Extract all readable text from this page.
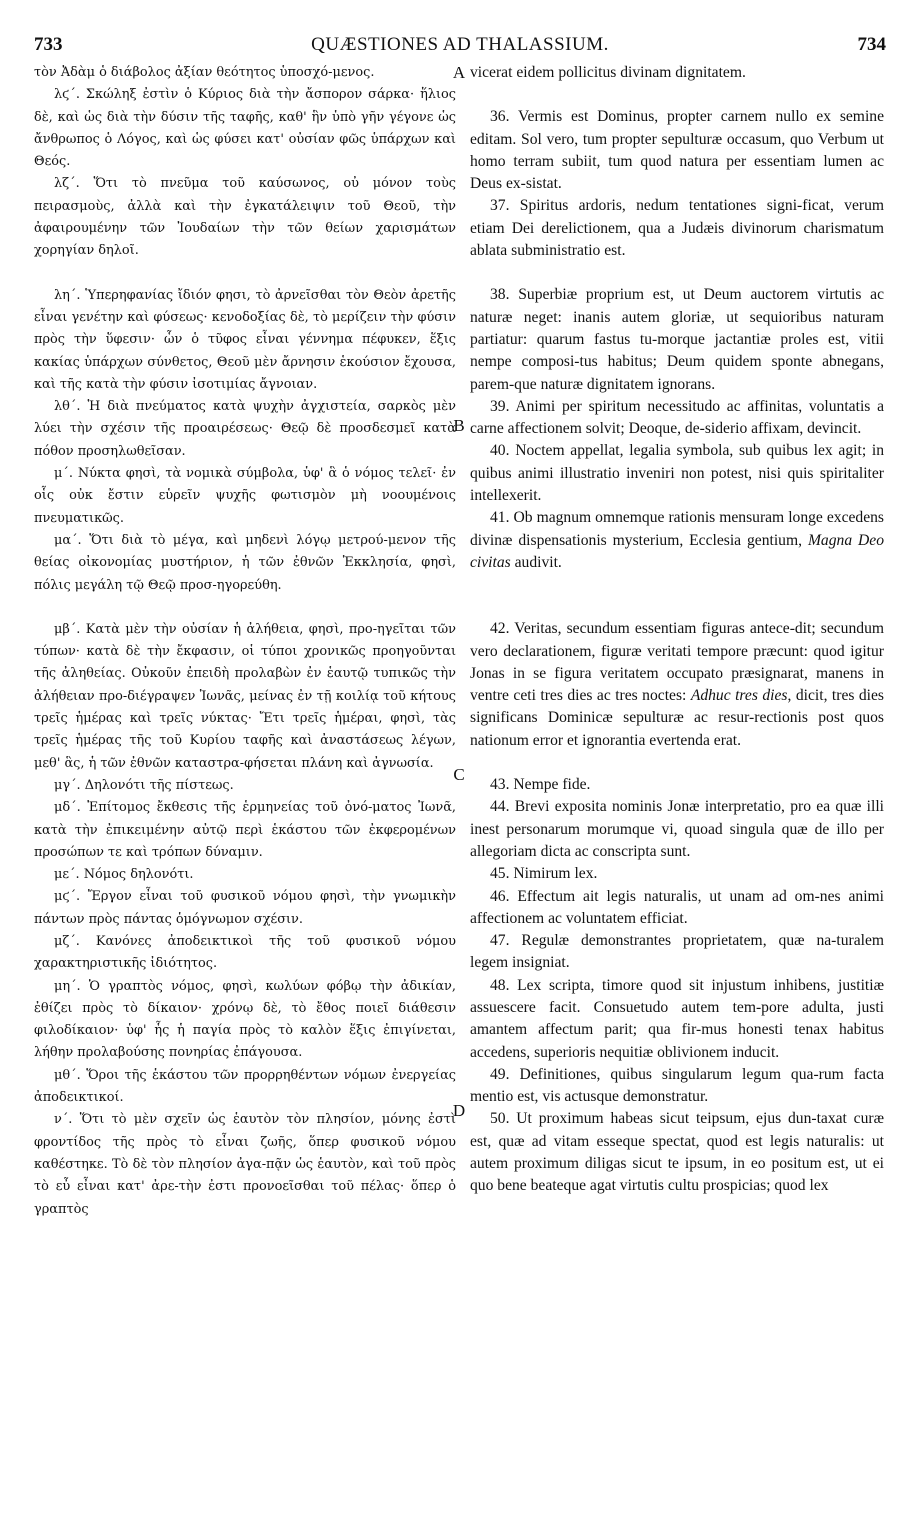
733	QUÆSTIONES AD THALASSIUM.	734

τὸν Ἀδὰμ ὁ διάβολος ἀξίαν θεότητος ὑποσχό-μενος.

λϛ΄. Σκώληξ ἐστὶν ὁ Κύριος διὰ τὴν ἄσπορον σάρκα· ἥλιος δὲ, καὶ ὡς διὰ τὴν δύσιν τῆς ταφῆς, καθ' ἣν ὑπὸ γῆν γέγονε ὡς ἄνθρωπος ὁ Λόγος, καὶ ὡς φύσει κατ' οὐσίαν φῶς ὑπάρχων καὶ Θεός.

λζ΄. Ὅτι τὸ πνεῦμα τοῦ καύσωνος, οὐ μόνον τοὺς πειρασμοὺς, ἀλλὰ καὶ τὴν ἐγκατάλειψιν τοῦ Θεοῦ, τὴν ἀφαιρουμένην τῶν Ἰουδαίων τὴν τῶν θείων χαρισμάτων χορηγίαν δηλοῖ.

λη΄. Ὑπερηφανίας ἴδιόν φησι, τὸ ἀρνεῖσθαι τὸν Θεὸν ἀρετῆς εἶναι γενέτην καὶ φύσεως· κενοδοξίας δὲ, τὸ μερίζειν τὴν φύσιν πρὸς τὴν ὕφεσιν· ὧν ὁ τῦφος εἶναι γέννημα πέφυκεν, ἕξις κακίας ὑπάρχων σύνθετος, Θεοῦ μὲν ἄρνησιν ἑκούσιον ἔχουσα, καὶ τῆς κατὰ τὴν φύσιν ἰσοτιμίας ἄγνοιαν.

λθ΄. Ἡ διὰ πνεύματος κατὰ ψυχὴν ἀγχιστεία, σαρκὸς μὲν λύει τὴν σχέσιν τῆς προαιρέσεως· Θεῷ δὲ προσδεσμεῖ κατὰ πόθον προσηλωθεῖσαν.

μ΄. Νύκτα φησὶ, τὰ νομικὰ σύμβολα, ὑφ' ἃ ὁ νόμος τελεῖ· ἐν οἷς οὐκ ἔστιν εὑρεῖν ψυχῆς φωτισμὸν μὴ νοουμένοις πνευματικῶς.

μα΄. Ὅτι διὰ τὸ μέγα, καὶ μηδενὶ λόγῳ μετρού-μενον τῆς θείας οἰκονομίας μυστήριον, ἡ τῶν ἐθνῶν Ἐκκλησία, φησὶ, πόλις μεγάλη τῷ Θεῷ προσ-ηγορεύθη.

μβ΄. Κατὰ μὲν τὴν οὐσίαν ἡ ἀλήθεια, φησὶ, προ-ηγεῖται τῶν τύπων· κατὰ δὲ τὴν ἔκφασιν, οἱ τύποι χρονικῶς προηγοῦνται τῆς ἀληθείας. Οὐκοῦν ἐπειδὴ προλαβὼν ἐν ἑαυτῷ τυπικῶς τὴν ἀλήθειαν προ-διέγραψεν Ἰωνᾶς, μείνας ἐν τῇ κοιλίᾳ τοῦ κήτους τρεῖς ἡμέρας καὶ τρεῖς νύκτας· Ἔτι τρεῖς ἡμέραι, φησὶ, τὰς τρεῖς ἡμέρας τῆς τοῦ Κυρίου ταφῆς καὶ ἀναστάσεως λέγων, μεθ' ἃς, ἡ τῶν ἐθνῶν καταστρα-φήσεται πλάνη καὶ ἀγνωσία.

μγ΄. Δηλονότι τῆς πίστεως.

μδ΄. Ἐπίτομος ἔκθεσις τῆς ἑρμηνείας τοῦ ὀνό-ματος Ἰωνᾶ, κατὰ τὴν ἐπικειμένην αὐτῷ περὶ ἑκάστου τῶν ἐκφερομένων προσώπων τε καὶ τρόπων δύναμιν.

με΄. Νόμος δηλονότι.

μϛ΄. Ἔργον εἶναι τοῦ φυσικοῦ νόμου φησὶ, τὴν γνωμικὴν πάντων πρὸς πάντας ὁμόγνωμον σχέσιν.

μζ΄. Κανόνες ἀποδεικτικοὶ τῆς τοῦ φυσικοῦ νόμου χαρακτηριστικῆς ἰδιότητος.

μη΄. Ὁ γραπτὸς νόμος, φησὶ, κωλύων φόβῳ τὴν ἀδικίαν, ἐθίζει πρὸς τὸ δίκαιον· χρόνῳ δὲ, τὸ ἔθος ποιεῖ διάθεσιν φιλοδίκαιον· ὑφ' ἧς ἡ παγία πρὸς τὸ καλὸν ἕξις ἐπιγίνεται, λήθην προλαβούσης πονηρίας ἐπάγουσα.

μθ΄. Ὅροι τῆς ἑκάστου τῶν προρρηθέντων νόμων ἐνεργείας ἀποδεικτικοί.

ν΄. Ὅτι τὸ μὲν σχεῖν ὡς ἑαυτὸν τὸν πλησίον, μόνης ἐστὶ φροντίδος τῆς πρὸς τὸ εἶναι ζωῆς, ὅπερ φυσικοῦ νόμου καθέστηκε. Τὸ δὲ τὸν πλησίον ἀγα-πᾷν ὡς ἑαυτὸν, καὶ τοῦ πρὸς τὸ εὖ εἶναι κατ' ἀρε-τὴν ἐστι προνοεῖσθαι τοῦ πέλας· ὅπερ ὁ γραπτὸς

vicerat eidem pollicitus divinam dignitatem.

36. Vermis est Dominus, propter carnem nullo ex semine editam. Sol vero, tum propter sepulturæ occasum, quo Verbum ut homo terram subiit, tum quod natura per essentiam lumen ac Deus ex-sistat.

37. Spiritus ardoris, nedum tentationes signi-ficat, verum etiam Dei derelictionem, qua a Judæis divinorum charismatum ablata subministratio est.

38. Superbiæ proprium est, ut Deum auctorem virtutis ac naturæ neget: inanis autem gloriæ, ut sequioribus naturam partiatur: quarum fastus tu-morque jactantiæ proles est, vitii nempe composi-tus habitus; Deum quidem sponte abnegans, parem-que naturæ dignitatem ignorans.

39. Animi per spiritum necessitudo ac affinitas, voluntatis a carne affectionem solvit; Deoque, de-siderio affixam, devincit.

40. Noctem appellat, legalia symbola, sub quibus lex agit; in quibus animi illustratio inveniri non potest, nisi quis spiritaliter intellexerit.

41. Ob magnum omnemque rationis mensuram longe excedens divinæ dispensationis mysterium, Ecclesia gentium, Magna Deo civitas audivit.

42. Veritas, secundum essentiam figuras antece-dit; secundum vero declarationem, figuræ veritati tempore præcunt: quod igitur Jonas in se figura veritatem occupato præsignarat, manens in ventre ceti tres dies ac tres noctes: Adhuc tres dies, dicit, tres dies significans Dominicæ sepulturæ ac resur-rectionis post quos nationum error et ignorantia evertenda erat.

43. Nempe fide.

44. Brevi exposita nominis Jonæ interpretatio, pro ea quæ illi inest personarum morumque vi, quoad singula quæ de illo per allegoriam dicta ac conscripta sunt.

45. Nimirum lex.

46. Effectum ait legis naturalis, ut unam ad om-nes animi affectionem ac voluntatem efficiat.

47. Regulæ demonstrantes proprietatem, quæ na-turalem legem insigniat.

48. Lex scripta, timore quod sit injustum inhibens, justitiæ assuescere facit. Consuetudo autem tem-pore adulta, justi amantem affectum parit; qua fir-mus honesti tenax habitus accedens, superioris nequitiæ oblivionem inducit.

49. Definitiones, quibus singularum legum qua-rum facta mentio est, vis actusque demonstratur.

50. Ut proximum habeas sicut teipsum, ejus dun-taxat curæ est, quæ ad vitam esseque spectat, quod est legis naturalis: ut autem proximum diligas sicut te ipsum, in eo positum est, ut ei quo bene beateque agat virtutis cultu prospicias; quod lex

A
B
C
D
